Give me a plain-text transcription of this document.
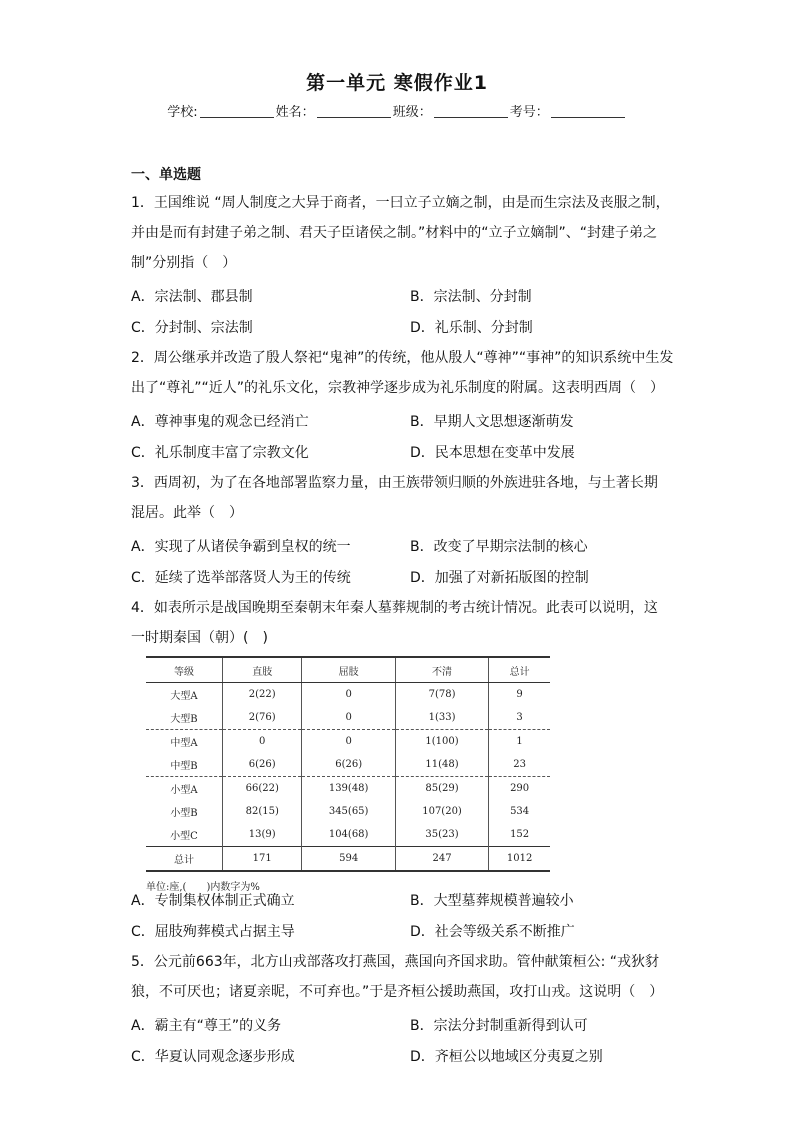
第一单元 寒假作业1
学校:	姓名：	班级：	考号：
一、单选题
1．王国维说 “周人制度之大异于商者，一曰立子立嫡之制，由是而生宗法及丧服之制，
并由是而有封建子弟之制、君天子臣诸侯之制。”材料中的“立子立嫡制”、“封建子弟之
制”分别指（　）
A．宗法制、郡县制	B．宗法制、分封制
C．分封制、宗法制	D．礼乐制、分封制
2．周公继承并改造了殷人祭祀“鬼神”的传统，他从殷人“尊神”“事神”的知识系统中生发
出了“尊礼”“近人”的礼乐文化，宗教神学逐步成为礼乐制度的附属。这表明西周（　）
A．尊神事鬼的观念已经消亡	B．早期人文思想逐渐萌发
C．礼乐制度丰富了宗教文化	D．民本思想在变革中发展
3．西周初，为了在各地部署监察力量，由王族带领归顺的外族进驻各地，与土著长期
混居。此举（　）
A．实现了从诸侯争霸到皇权的统一	B．改变了早期宗法制的核心
C．延续了选举部落贤人为王的传统	D．加强了对新拓版图的控制
4．如表所示是战国晚期至秦朝末年秦人墓葬规制的考古统计情况。此表可以说明，这
一时期秦国（朝）(　)
等级	直肢	屈肢	不清	总计
大型A	2(22)	0	7(78)	9
大型B	2(76)	0	1(33)	3
中型A	0	0	1(100)	1
中型B	6(26)	6(26)	11(48)	23
小型A	66(22)	139(48)	85(29)	290
小型B	82(15)	345(65)	107(20)	534
小型C	13(9)	104(68)	35(23)	152
总计	171	594	247	1012
单位:座,(　　)内数字为%
A．专制集权体制正式确立	B．大型墓葬规模普遍较小
C．屈肢殉葬模式占据主导	D．社会等级关系不断推广
5．公元前663年，北方山戎部落攻打燕国，燕国向齐国求助。管仲献策桓公: “戎狄豺
狼，不可厌也；诸夏亲昵，不可弃也。”于是齐桓公援助燕国，攻打山戎。这说明（　）
A．霸主有“尊王”的义务	B．宗法分封制重新得到认可
C．华夏认同观念逐步形成	D．齐桓公以地域区分夷夏之别
